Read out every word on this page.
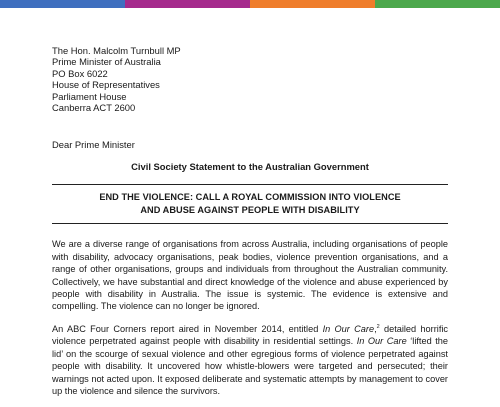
The Hon. Malcolm Turnbull MP
Prime Minister of Australia
PO Box 6022
House of Representatives
Parliament House
Canberra ACT 2600
Dear Prime Minister
Civil Society Statement to the Australian Government
END THE VIOLENCE: CALL A ROYAL COMMISSION INTO VIOLENCE
AND ABUSE AGAINST PEOPLE WITH DISABILITY

We are a diverse range of organisations from across Australia, including organisations of people with disability, advocacy organisations, peak bodies, violence prevention organisations, and a range of other organisations, groups and individuals from throughout the Australian community. Collectively, we have substantial and direct knowledge of the violence and abuse experienced by people with disability in Australia. The issue is systemic. The evidence is extensive and compelling. The violence can no longer be ignored.

An ABC Four Corners report aired in November 2014, entitled In Our Care,$^2$ detailed horrific violence perpetrated against people with disability in residential settings. In Our Care ‘lifted the lid’ on the scourge of sexual violence and other egregious forms of violence perpetrated against people with disability. It uncovered how whistle-blowers were targeted and persecuted; their warnings not acted upon. It exposed deliberate and systematic attempts by management to cover up the violence and silence the survivors.
